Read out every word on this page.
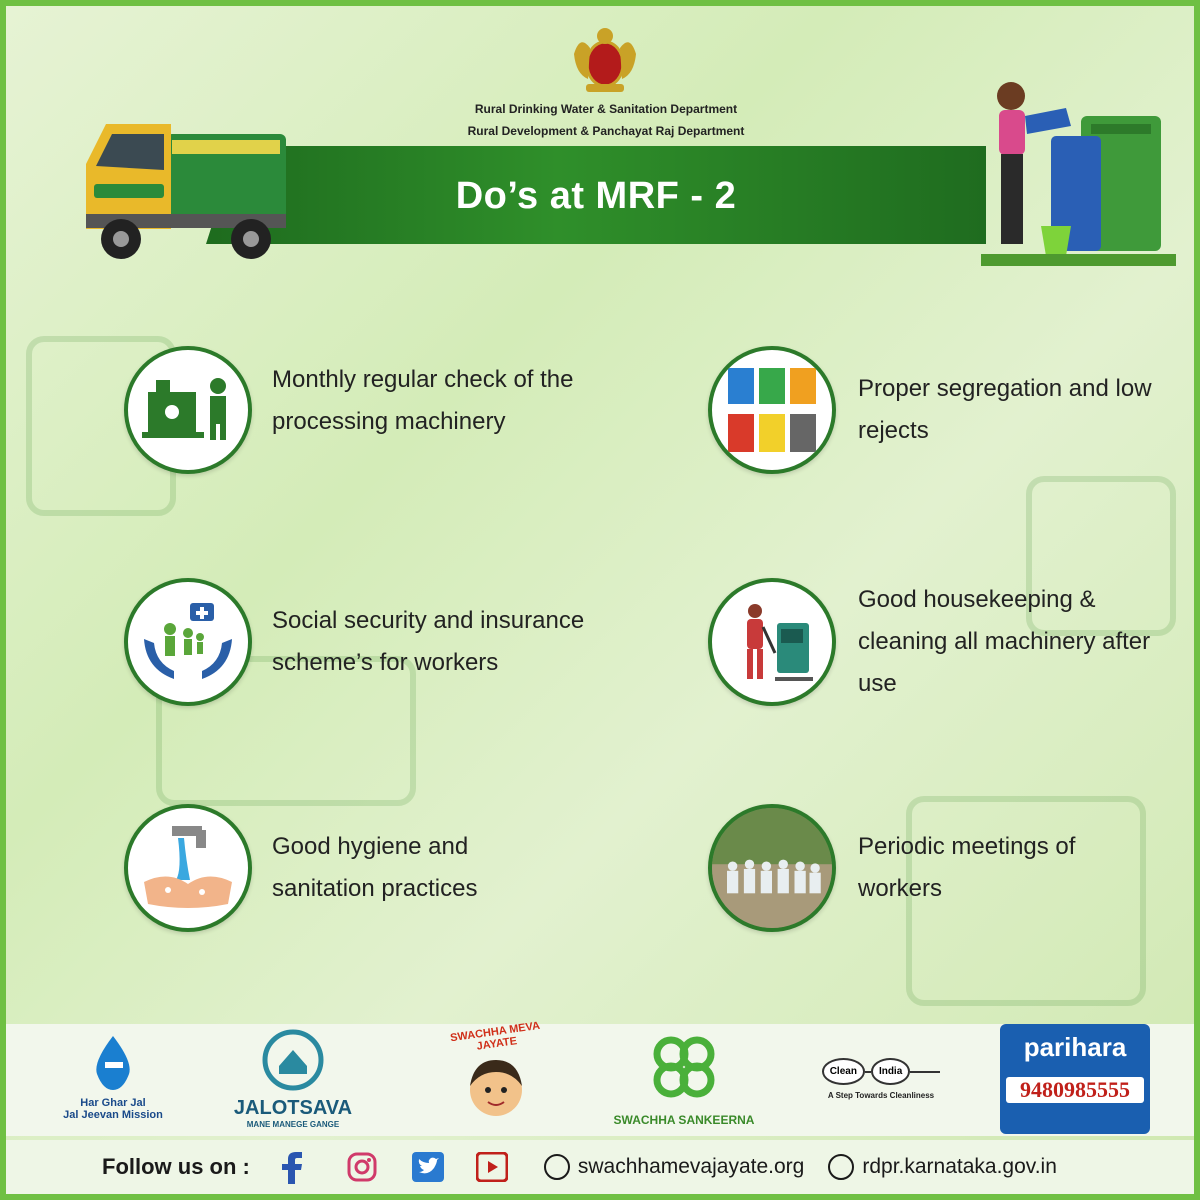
Rural Drinking Water & Sanitation Department
Rural Development & Panchayat Raj Department
Do’s at MRF - 2
Monthly regular check of the processing machinery
Proper segregation and low rejects
Social security and insurance scheme’s for workers
Good housekeeping & cleaning all machinery after use
Good hygiene and sanitation practices
Periodic meetings of workers
Har Ghar Jal
Jal Jeevan Mission	JALOTSAVA
MANE MANEGE GANGE
SWACHHA MEVA JAYATE
SWACHHA SANKEERNA
Clean	India
A Step Towards Cleanliness
parihara
9480985555
Follow us on :	swachhamevajayate.org	rdpr.karnataka.gov.in
